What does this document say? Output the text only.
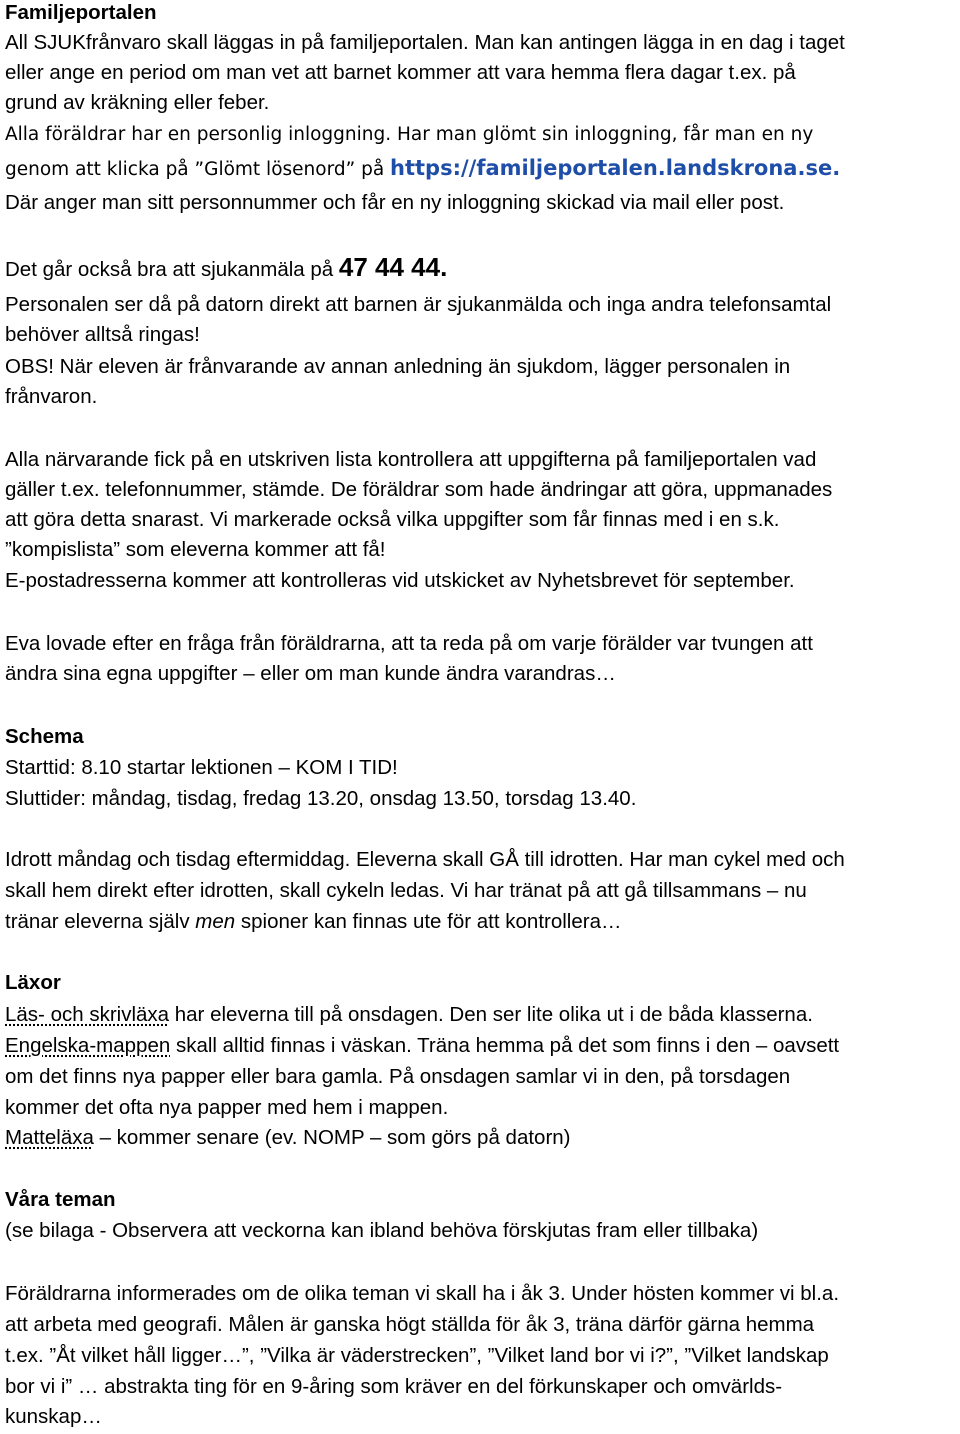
Familjeportalen
All SJUKfrånvaro skall läggas in på familjeportalen. Man kan antingen lägga in en dag i taget
eller ange en period om man vet att barnet kommer att vara hemma flera dagar t.ex. på
grund av kräkning eller feber.
Alla föräldrar har en personlig inloggning. Har man glömt sin inloggning, får man en ny
genom att klicka på ”Glömt lösenord” på https://familjeportalen.landskrona.se.
Där anger man sitt personnummer och får en ny inloggning skickad via mail eller post.
Det går också bra att sjukanmäla på 47 44 44.
Personalen ser då på datorn direkt att barnen är sjukanmälda och inga andra telefonsamtal
behöver alltså ringas!
OBS! När eleven är frånvarande av annan anledning än sjukdom, lägger personalen in
frånvaron.
Alla närvarande fick på en utskriven lista kontrollera att uppgifterna på familjeportalen vad
gäller t.ex. telefonnummer, stämde. De föräldrar som hade ändringar att göra, uppmanades
att göra detta snarast. Vi markerade också vilka uppgifter som får finnas med i en s.k.
”kompislista” som eleverna kommer att få!
E-postadresserna kommer att kontrolleras vid utskicket av Nyhetsbrevet för september.
Eva lovade efter en fråga från föräldrarna, att ta reda på om varje förälder var tvungen att
ändra sina egna uppgifter – eller om man kunde ändra varandras…
Schema
Starttid: 8.10 startar lektionen – KOM I TID!
Sluttider: måndag, tisdag, fredag 13.20, onsdag 13.50, torsdag 13.40.
Idrott måndag och tisdag eftermiddag. Eleverna skall GÅ till idrotten. Har man cykel med och
skall hem direkt efter idrotten, skall cykeln ledas. Vi har tränat på att gå tillsammans – nu
tränar eleverna själv men spioner kan finnas ute för att kontrollera…
Läxor
Läs- och skrivläxa har eleverna till på onsdagen. Den ser lite olika ut i de båda klasserna.
Engelska-mappen skall alltid finnas i väskan. Träna hemma på det som finns i den – oavsett
om det finns nya papper eller bara gamla. På onsdagen samlar vi in den, på torsdagen
kommer det ofta nya papper med hem i mappen.
Matteläxa – kommer senare (ev. NOMP – som görs på datorn)
Våra teman
(se bilaga - Observera att veckorna kan ibland behöva förskjutas fram eller tillbaka)
Föräldrarna informerades om de olika teman vi skall ha i åk 3. Under hösten kommer vi bl.a.
att arbeta med geografi. Målen är ganska högt ställda för åk 3, träna därför gärna hemma
t.ex. ”Åt vilket håll ligger…”, ”Vilka är väderstrecken”, ”Vilket land bor vi i?”, ”Vilket landskap
bor vi i” … abstrakta ting för en 9-åring som kräver en del förkunskaper och omvärlds-
kunskap…
